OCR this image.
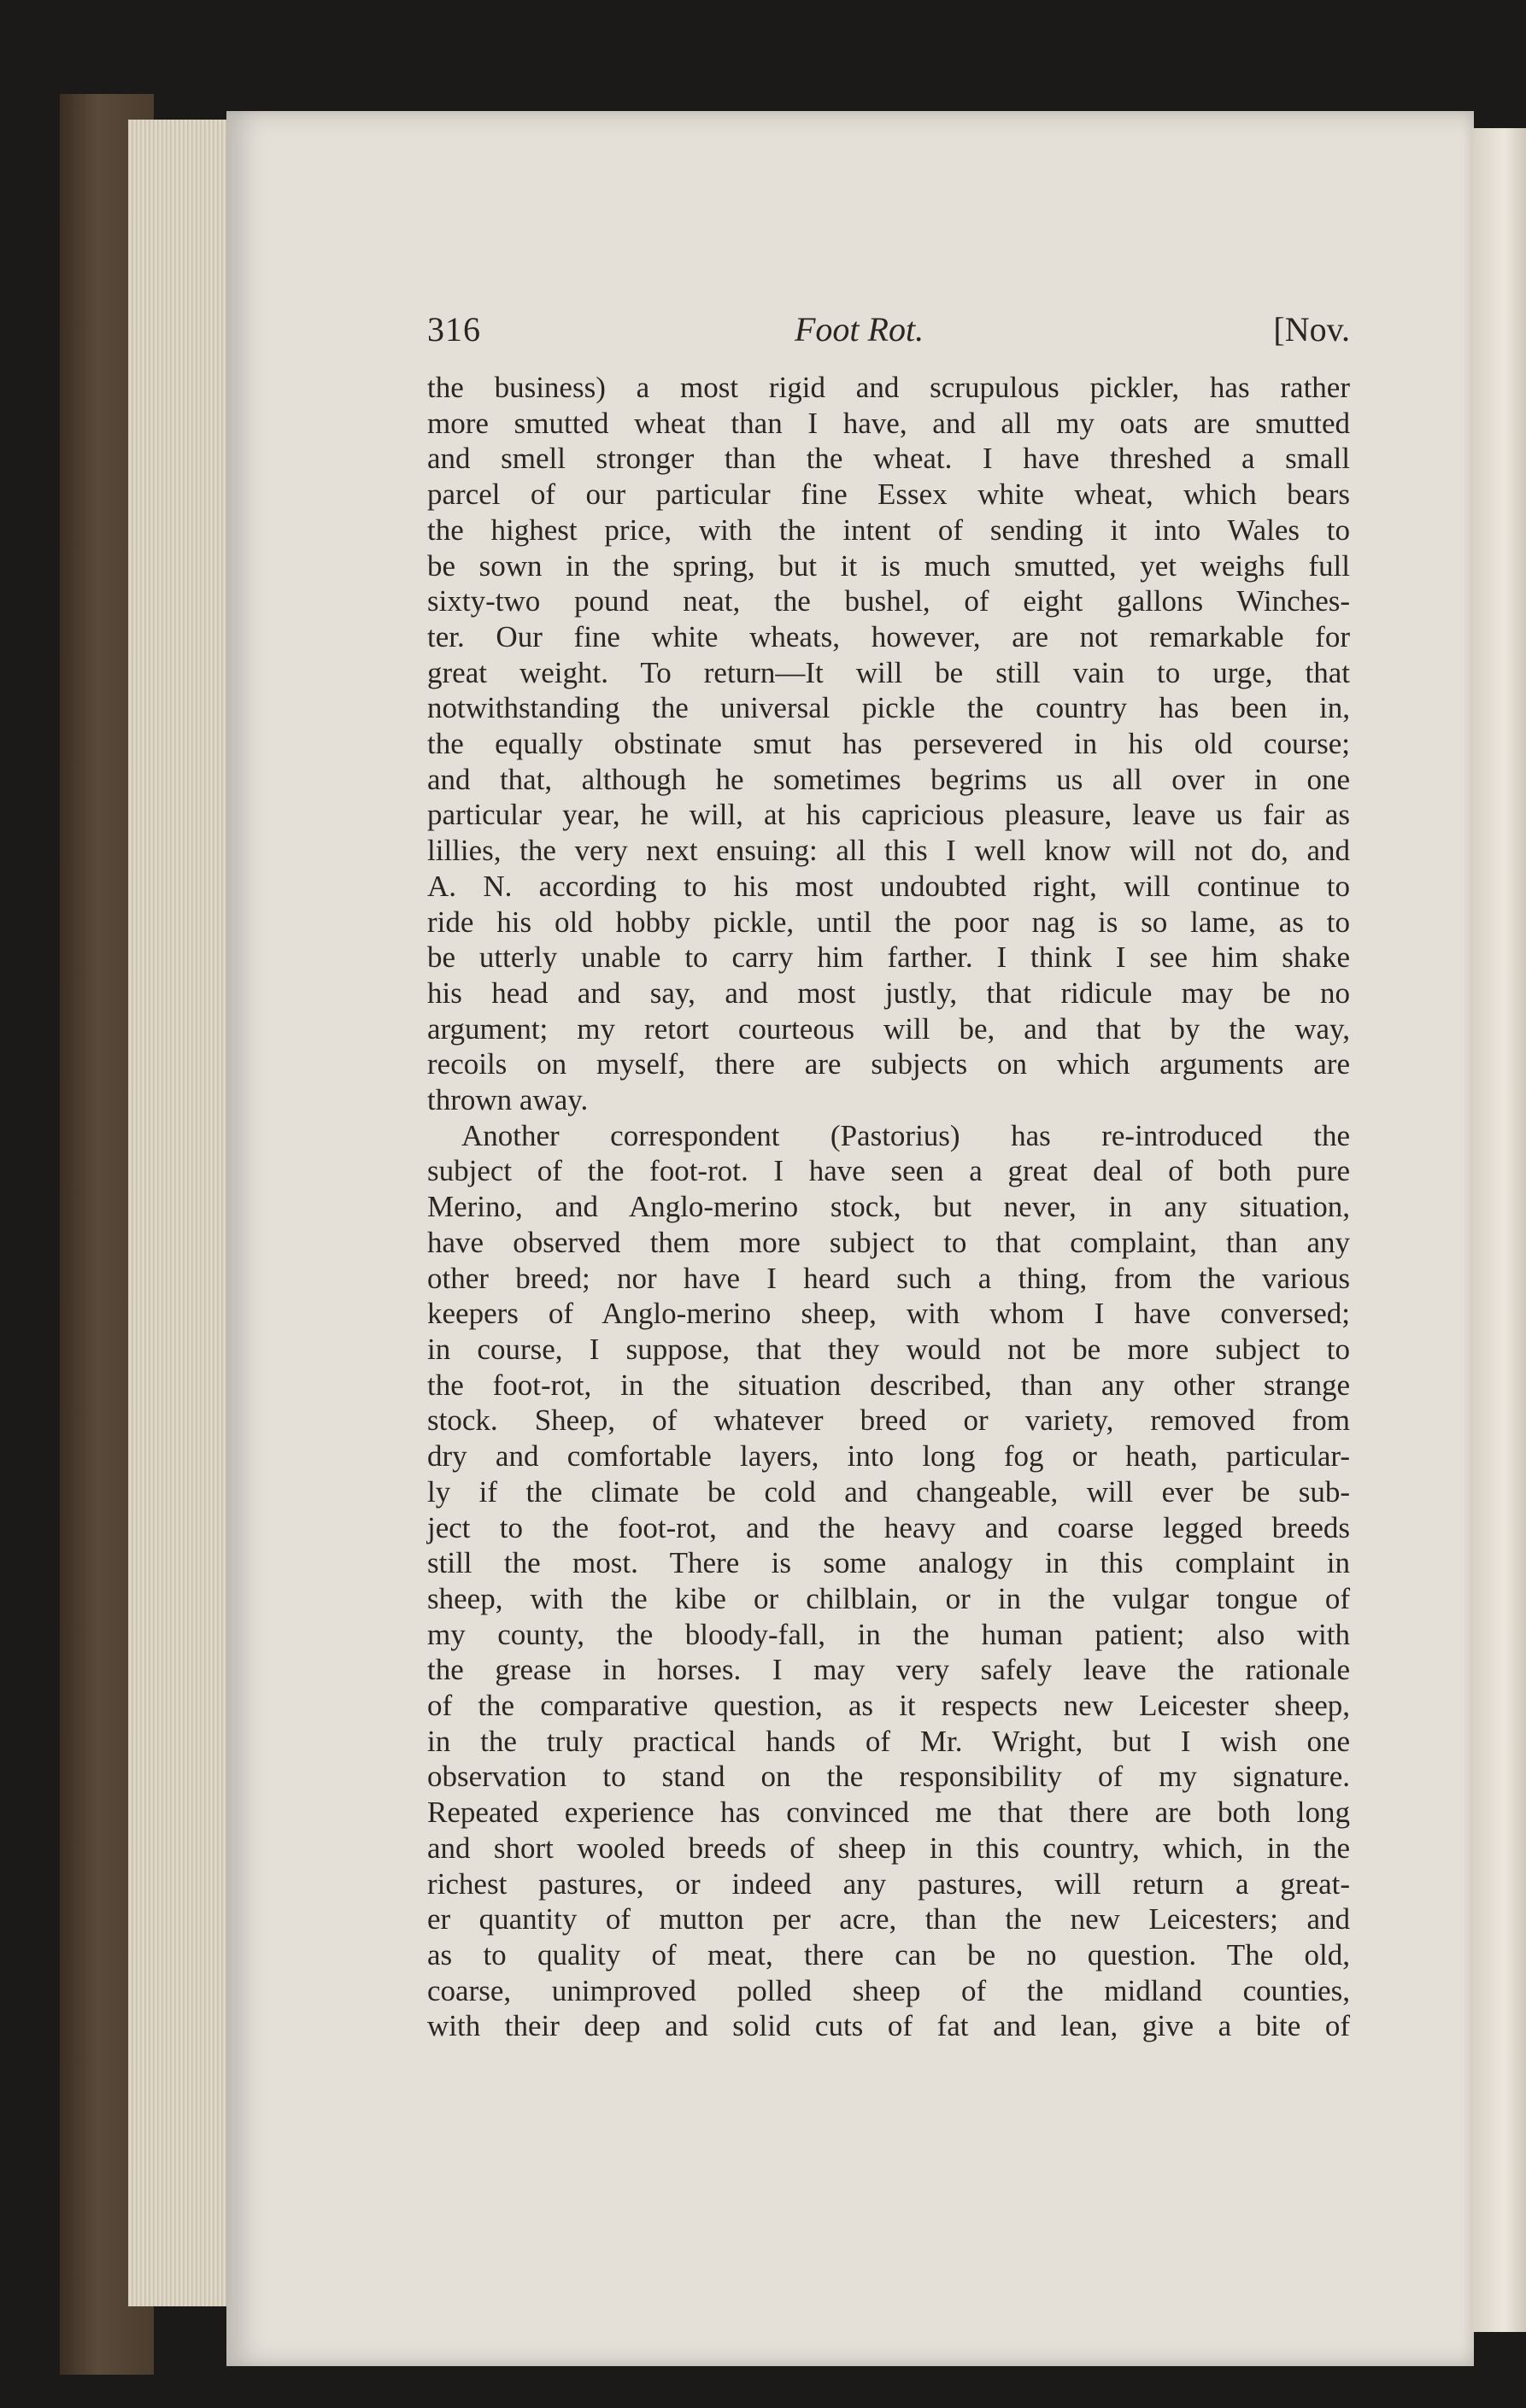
316	Foot Rot.	[Nov.
the business) a most rigid and scrupulous pickler, has rather
more smutted wheat than I have, and all my oats are smutted
and smell stronger than the wheat. I have threshed a small
parcel of our particular fine Essex white wheat, which bears
the highest price, with the intent of sending it into Wales to
be sown in the spring, but it is much smutted, yet weighs full
sixty-two pound neat, the bushel, of eight gallons Winches-
ter. Our fine white wheats, however, are not remarkable for
great weight. To return—It will be still vain to urge, that
notwithstanding the universal pickle the country has been in,
the equally obstinate smut has persevered in his old course;
and that, although he sometimes begrims us all over in one
particular year, he will, at his capricious pleasure, leave us fair as
lillies, the very next ensuing: all this I well know will not do, and
A. N. according to his most undoubted right, will continue to
ride his old hobby pickle, until the poor nag is so lame, as to
be utterly unable to carry him farther. I think I see him shake
his head and say, and most justly, that ridicule may be no
argument; my retort courteous will be, and that by the way,
recoils on myself, there are subjects on which arguments are
thrown away.
Another correspondent (Pastorius) has re-introduced the
subject of the foot-rot. I have seen a great deal of both pure
Merino, and Anglo-merino stock, but never, in any situation,
have observed them more subject to that complaint, than any
other breed; nor have I heard such a thing, from the various
keepers of Anglo-merino sheep, with whom I have conversed;
in course, I suppose, that they would not be more subject to
the foot-rot, in the situation described, than any other strange
stock. Sheep, of whatever breed or variety, removed from
dry and comfortable layers, into long fog or heath, particular-
ly if the climate be cold and changeable, will ever be sub-
ject to the foot-rot, and the heavy and coarse legged breeds
still the most. There is some analogy in this complaint in
sheep, with the kibe or chilblain, or in the vulgar tongue of
my county, the bloody-fall, in the human patient; also with
the grease in horses. I may very safely leave the rationale
of the comparative question, as it respects new Leicester sheep,
in the truly practical hands of Mr. Wright, but I wish one
observation to stand on the responsibility of my signature.
Repeated experience has convinced me that there are both long
and short wooled breeds of sheep in this country, which, in the
richest pastures, or indeed any pastures, will return a great-
er quantity of mutton per acre, than the new Leicesters; and
as to quality of meat, there can be no question. The old,
coarse, unimproved polled sheep of the midland counties,
with their deep and solid cuts of fat and lean, give a bite of
